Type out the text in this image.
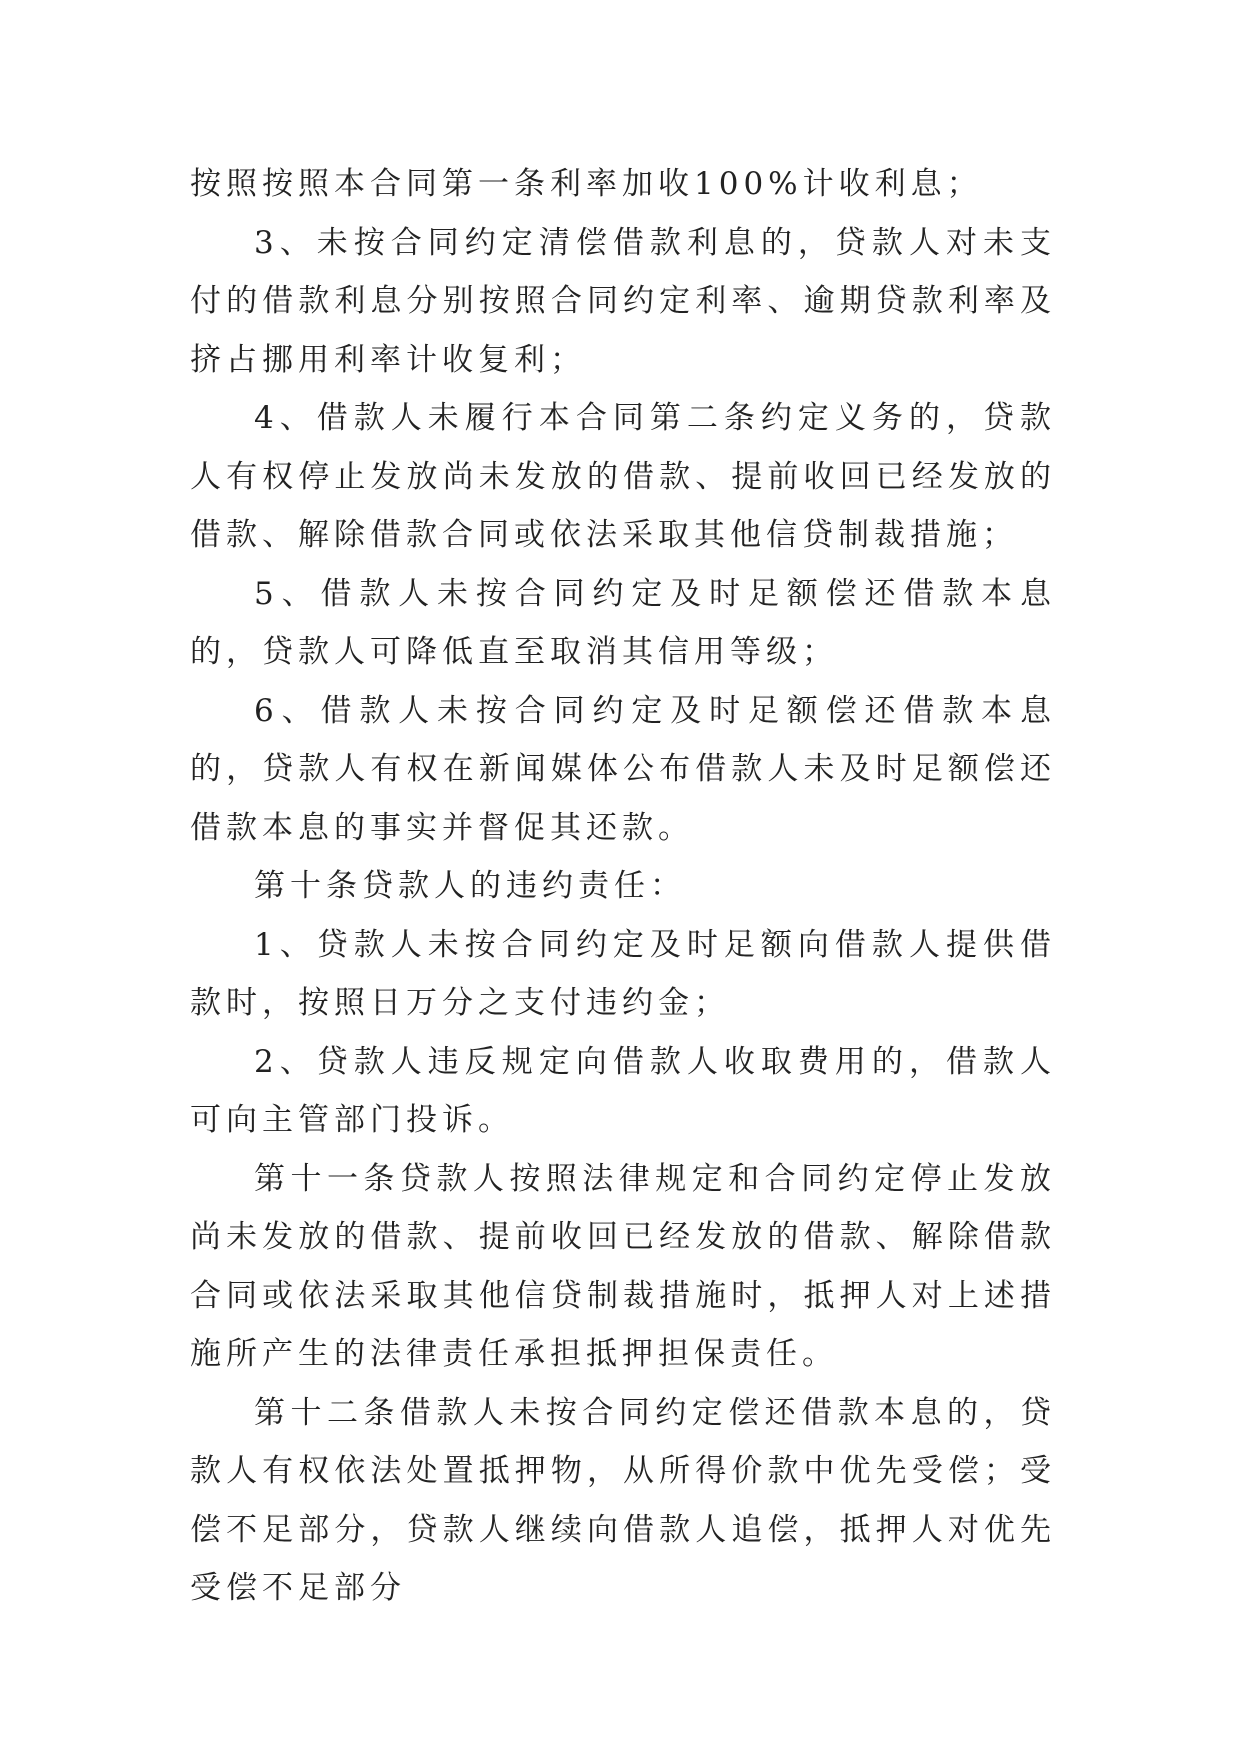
按照按照本合同第一条利率加收100%计收利息；

3、未按合同约定清偿借款利息的，贷款人对未支付的借款利息分别按照合同约定利率、逾期贷款利率及挤占挪用利率计收复利；

4、借款人未履行本合同第二条约定义务的，贷款人有权停止发放尚未发放的借款、提前收回已经发放的借款、解除借款合同或依法采取其他信贷制裁措施；

5、借款人未按合同约定及时足额偿还借款本息的，贷款人可降低直至取消其信用等级；

6、借款人未按合同约定及时足额偿还借款本息的，贷款人有权在新闻媒体公布借款人未及时足额偿还借款本息的事实并督促其还款。

第十条贷款人的违约责任：

1、贷款人未按合同约定及时足额向借款人提供借款时，按照日万分之支付违约金；

2、贷款人违反规定向借款人收取费用的，借款人可向主管部门投诉。

第十一条贷款人按照法律规定和合同约定停止发放尚未发放的借款、提前收回已经发放的借款、解除借款合同或依法采取其他信贷制裁措施时，抵押人对上述措施所产生的法律责任承担抵押担保责任。

第十二条借款人未按合同约定偿还借款本息的，贷款人有权依法处置抵押物，从所得价款中优先受偿；受偿不足部分，贷款人继续向借款人追偿，抵押人对优先受偿不足部分
